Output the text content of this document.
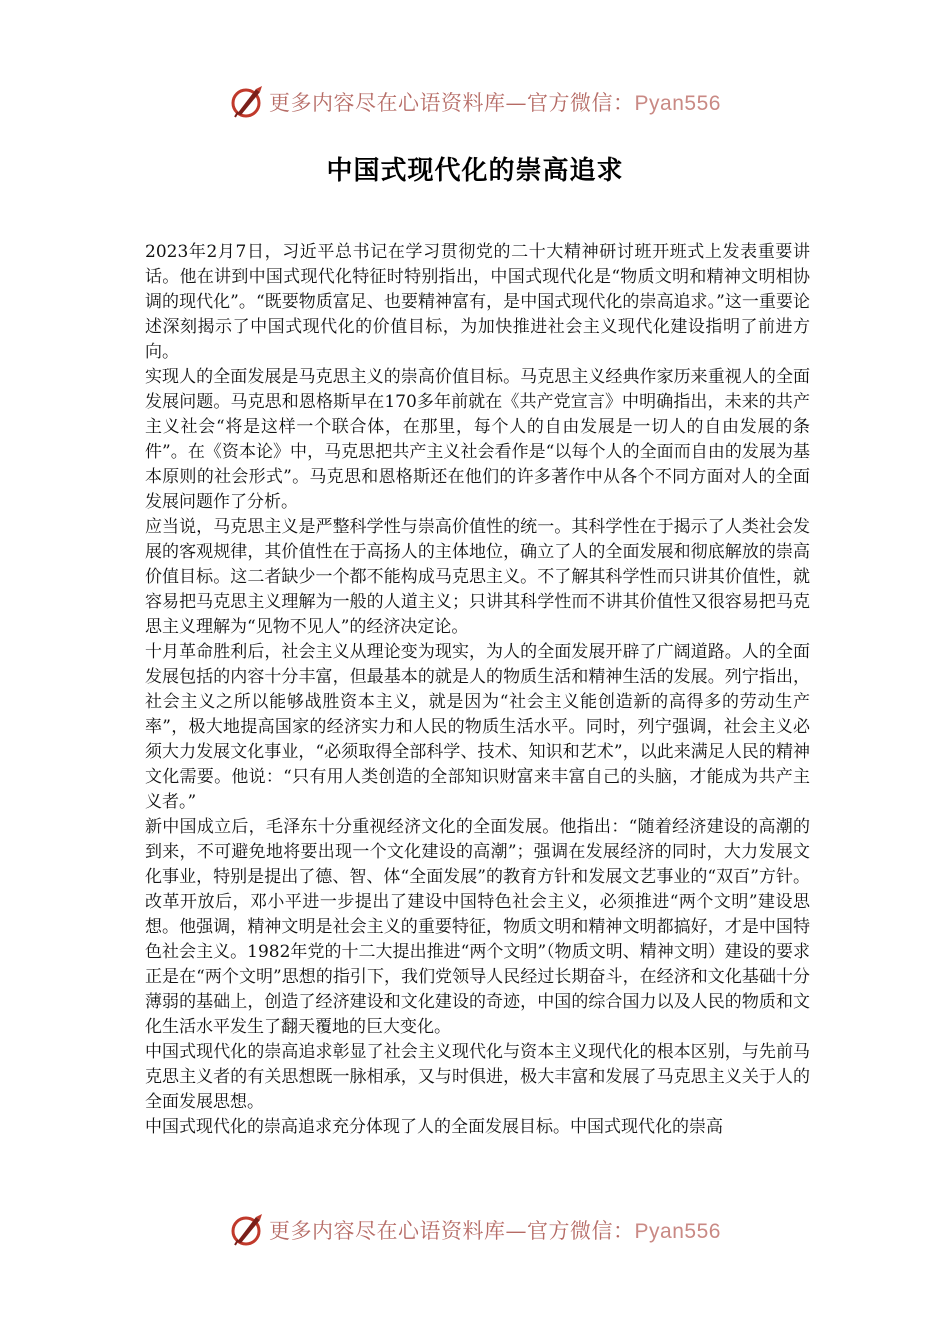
更多内容尽在心语资料库—官方微信：Pyan556
中国式现代化的崇高追求

2023年2月7日，习近平总书记在学习贯彻党的二十大精神研讨班开班式上发表重要讲话。他在讲到中国式现代化特征时特别指出，中国式现代化是“物质文明和精神文明相协调的现代化”。“既要物质富足、也要精神富有，是中国式现代化的崇高追求。”这一重要论述深刻揭示了中国式现代化的价值目标，为加快推进社会主义现代化建设指明了前进方向。

实现人的全面发展是马克思主义的崇高价值目标。马克思主义经典作家历来重视人的全面发展问题。马克思和恩格斯早在170多年前就在《共产党宣言》中明确指出，未来的共产主义社会“将是这样一个联合体，在那里，每个人的自由发展是一切人的自由发展的条件”。在《资本论》中，马克思把共产主义社会看作是“以每个人的全面而自由的发展为基本原则的社会形式”。马克思和恩格斯还在他们的许多著作中从各个不同方面对人的全面发展问题作了分析。

应当说，马克思主义是严整科学性与崇高价值性的统一。其科学性在于揭示了人类社会发展的客观规律，其价值性在于高扬人的主体地位，确立了人的全面发展和彻底解放的崇高价值目标。这二者缺少一个都不能构成马克思主义。不了解其科学性而只讲其价值性，就容易把马克思主义理解为一般的人道主义；只讲其科学性而不讲其价值性又很容易把马克思主义理解为“见物不见人”的经济决定论。

十月革命胜利后，社会主义从理论变为现实，为人的全面发展开辟了广阔道路。人的全面发展包括的内容十分丰富，但最基本的就是人的物质生活和精神生活的发展。列宁指出，社会主义之所以能够战胜资本主义，就是因为“社会主义能创造新的高得多的劳动生产率”，极大地提高国家的经济实力和人民的物质生活水平。同时，列宁强调，社会主义必须大力发展文化事业，“必须取得全部科学、技术、知识和艺术”，以此来满足人民的精神文化需要。他说：“只有用人类创造的全部知识财富来丰富自己的头脑，才能成为共产主义者。”

新中国成立后，毛泽东十分重视经济文化的全面发展。他指出：“随着经济建设的高潮的到来，不可避免地将要出现一个文化建设的高潮”；强调在发展经济的同时，大力发展文化事业，特别是提出了德、智、体“全面发展”的教育方针和发展文艺事业的“双百”方针。改革开放后，邓小平进一步提出了建设中国特色社会主义，必须推进“两个文明”建设思想。他强调，精神文明是社会主义的重要特征，物质文明和精神文明都搞好，才是中国特色社会主义。1982年党的十二大提出推进“两个文明”（物质文明、精神文明）建设的要求正是在“两个文明”思想的指引下，我们党领导人民经过长期奋斗，在经济和文化基础十分薄弱的基础上，创造了经济建设和文化建设的奇迹，中国的综合国力以及人民的物质和文化生活水平发生了翻天覆地的巨大变化。

中国式现代化的崇高追求彰显了社会主义现代化与资本主义现代化的根本区别，与先前马克思主义者的有关思想既一脉相承，又与时俱进，极大丰富和发展了马克思主义关于人的全面发展思想。

中国式现代化的崇高追求充分体现了人的全面发展目标。中国式现代化的崇高

更多内容尽在心语资料库—官方微信：Pyan556
